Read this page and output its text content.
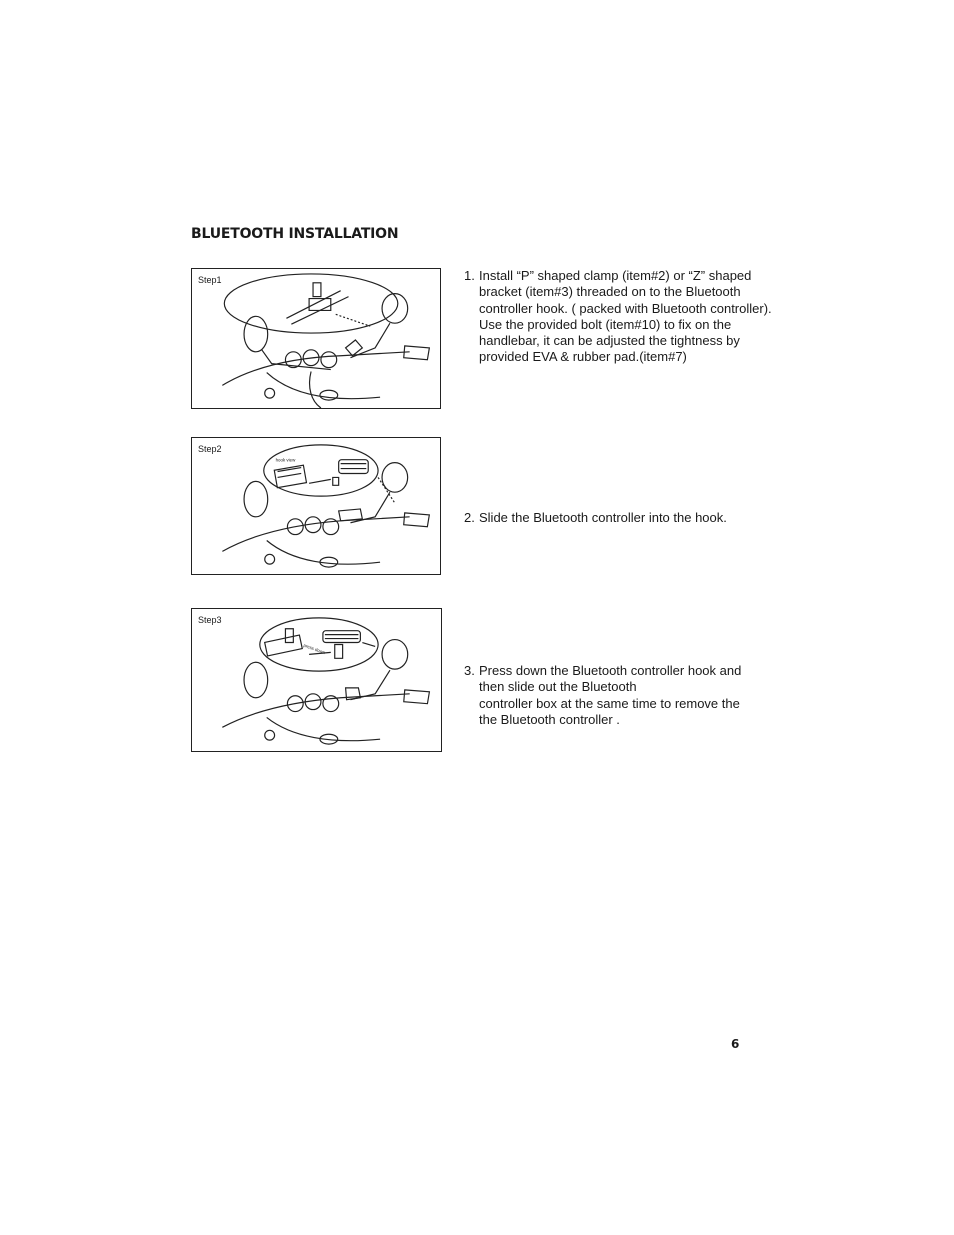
BLUETOOTH INSTALLATION
Step1	1. Install “P” shaped clamp (item#2) or “Z” shaped
bracket (item#3) threaded on to the Bluetooth
controller hook. ( packed with Bluetooth controller).
Use the provided bolt (item#10) to fix on the
handlebar, it can be adjusted the tightness by
provided EVA & rubber pad.(item#7)
Step2
hook view
2. Slide the Bluetooth controller into the hook.
Step3
press down
3. Press down the Bluetooth controller hook and
then slide out the Bluetooth
controller box at the same time to remove the
the Bluetooth controller .
6
